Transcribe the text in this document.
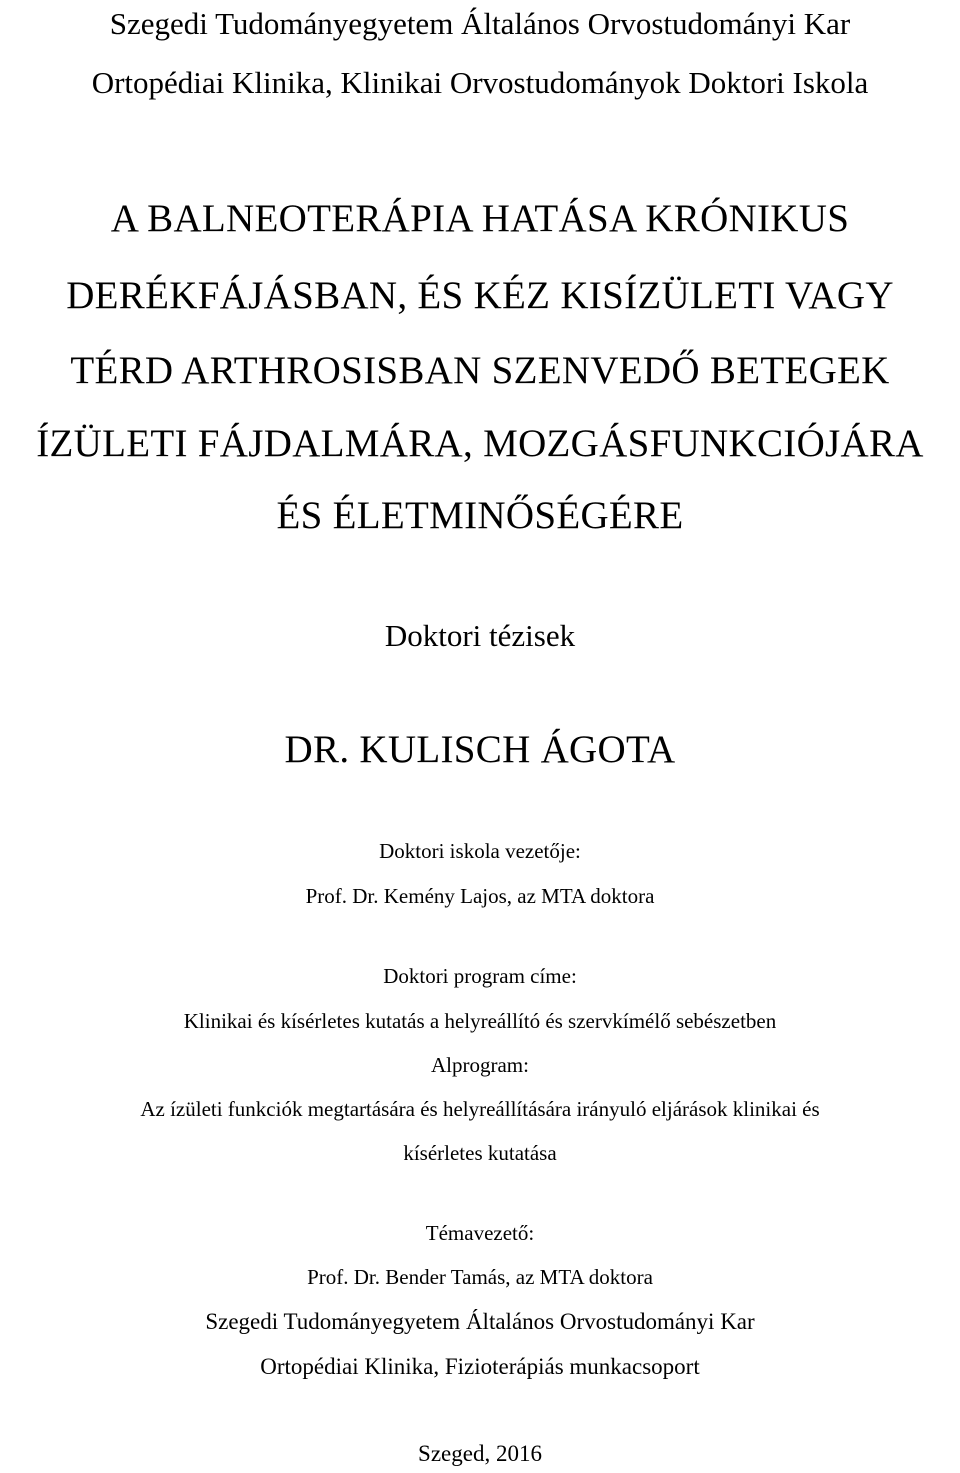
Szegedi Tudományegyetem Általános Orvostudományi Kar
Ortopédiai Klinika, Klinikai Orvostudományok Doktori Iskola
A BALNEOTERÁPIA HATÁSA KRÓNIKUS
DERÉKFÁJÁSBAN, ÉS KÉZ KISÍZÜLETI VAGY
TÉRD ARTHROSISBAN SZENVEDŐ BETEGEK
ÍZÜLETI FÁJDALMÁRA, MOZGÁSFUNKCIÓJÁRA
ÉS ÉLETMINŐSÉGÉRE
Doktori tézisek
DR. KULISCH ÁGOTA
Doktori iskola vezetője:
Prof. Dr. Kemény Lajos, az MTA doktora
Doktori program címe:
Klinikai és kísérletes kutatás a helyreállító és szervkímélő sebészetben
Alprogram:
Az ízületi funkciók megtartására és helyreállítására irányuló eljárások klinikai és
kísérletes kutatása
Témavezető:
Prof. Dr. Bender Tamás, az MTA doktora
Szegedi Tudományegyetem Általános Orvostudományi Kar
Ortopédiai Klinika, Fizioterápiás munkacsoport
Szeged, 2016
